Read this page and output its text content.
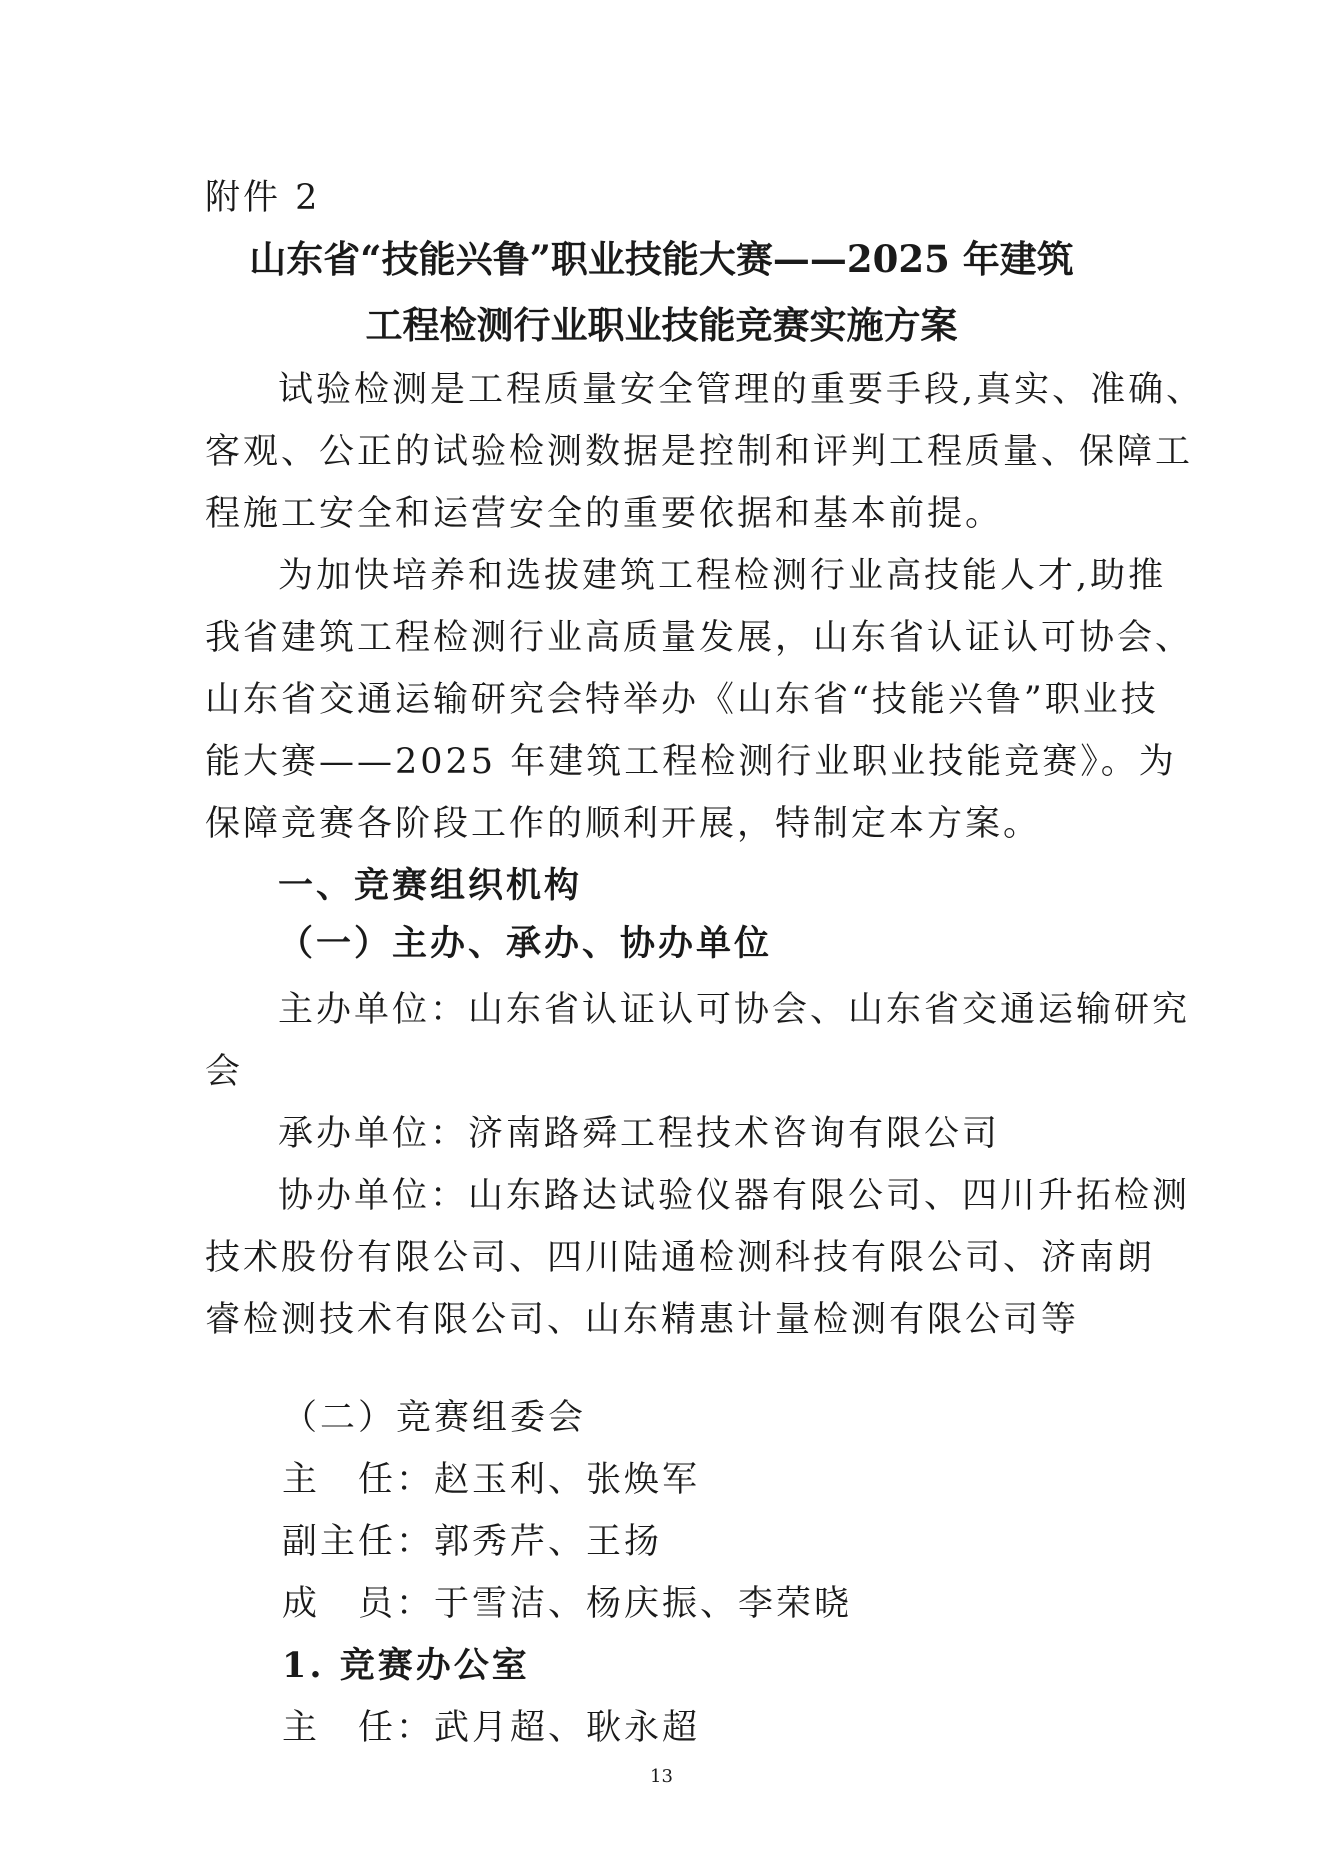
附件 2
山东省“技能兴鲁”职业技能大赛——2025 年建筑
工程检测行业职业技能竞赛实施方案
试验检测是工程质量安全管理的重要手段,真实、准确、
客观、公正的试验检测数据是控制和评判工程质量、保障工
程施工安全和运营安全的重要依据和基本前提。
为加快培养和选拔建筑工程检测行业高技能人才,助推
我省建筑工程检测行业高质量发展，山东省认证认可协会、
山东省交通运输研究会特举办《山东省“技能兴鲁”职业技
能大赛——2025 年建筑工程检测行业职业技能竞赛》。为
保障竞赛各阶段工作的顺利开展，特制定本方案。
一、竞赛组织机构
（一）主办、承办、协办单位
主办单位：山东省认证认可协会、山东省交通运输研究
会
承办单位：济南路舜工程技术咨询有限公司
协办单位：山东路达试验仪器有限公司、四川升拓检测
技术股份有限公司、四川陆通检测科技有限公司、济南朗
睿检测技术有限公司、山东精惠计量检测有限公司等
（二）竞赛组委会
主　任：赵玉利、张焕军
副主任：郭秀芹、王扬
成　员：于雪洁、杨庆振、李荣晓
1. 竞赛办公室
主　任：武月超、耿永超
13
